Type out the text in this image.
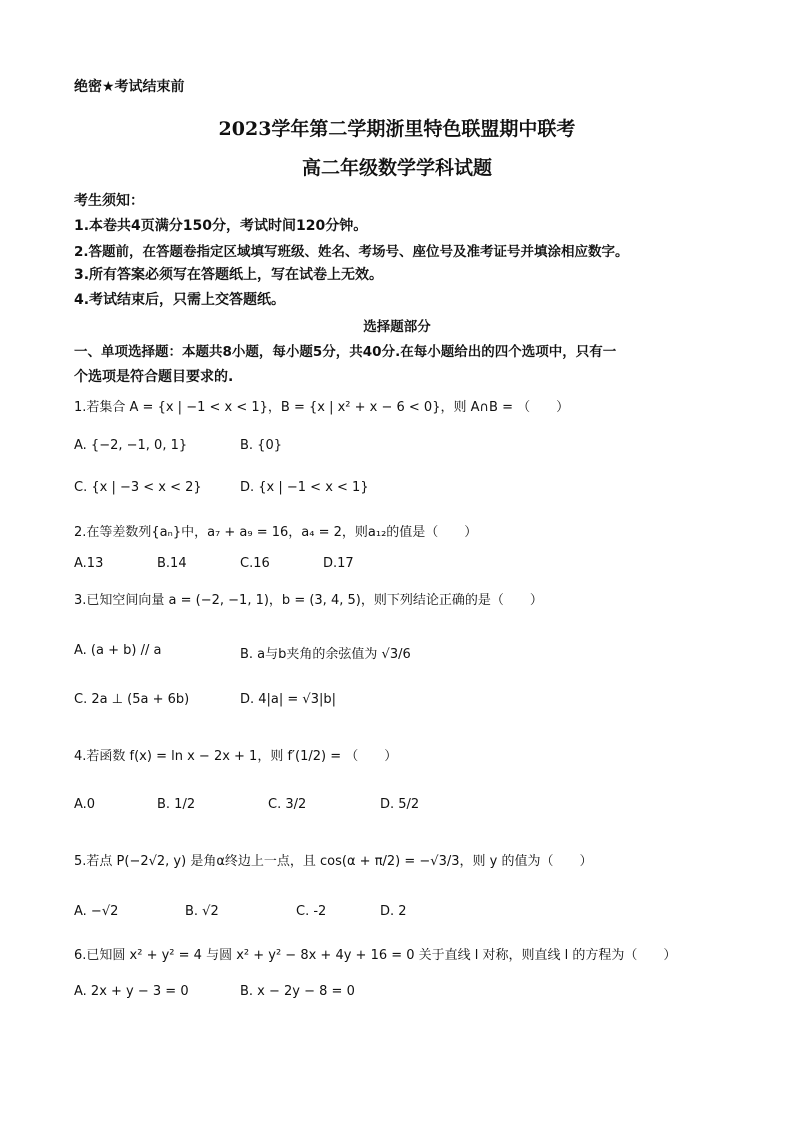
绝密★考试结束前
2023学年第二学期浙里特色联盟期中联考
高二年级数学学科试题
考生须知：
1.本卷共4页满分150分，考试时间120分钟。
2.答题前，在答题卷指定区域填写班级、姓名、考场号、座位号及准考证号并填涂相应数字。
3.所有答案必须写在答题纸上，写在试卷上无效。
4.考试结束后，只需上交答题纸。
选择题部分
一、单项选择题：本题共8小题，每小题5分，共40分.在每小题给出的四个选项中，只有一
个选项是符合题目要求的.
1.若集合 A = {x | −1 < x < 1}，B = {x | x² + x − 6 < 0}，则 A∩B = （　　）
A. {−2, −1, 0, 1}	B. {0}
C. {x | −3 < x < 2}	D. {x | −1 < x < 1}
2.在等差数列{aₙ}中，a₇ + a₉ = 16，a₄ = 2，则a₁₂的值是（　　）
A.13	B.14	C.16	D.17
3.已知空间向量 a = (−2, −1, 1)，b = (3, 4, 5)，则下列结论正确的是（　　）
A. (a + b) // a	B. a与b夹角的余弦值为 √3/6
C. 2a ⊥ (5a + 6b)	D. 4|a| = √3|b|
4.若函数 f(x) = ln x − 2x + 1，则 f′(1/2) = （　　）
A.0	B. 1/2	C. 3/2	D. 5/2
5.若点 P(−2√2, y) 是角α终边上一点，且 cos(α + π/2) = −√3/3，则 y 的值为（　　）
A. −√2	B. √2	C. -2	D. 2
6.已知圆 x² + y² = 4 与圆 x² + y² − 8x + 4y + 16 = 0 关于直线 l 对称，则直线 l 的方程为（　　）
A. 2x + y − 3 = 0	B. x − 2y − 8 = 0
